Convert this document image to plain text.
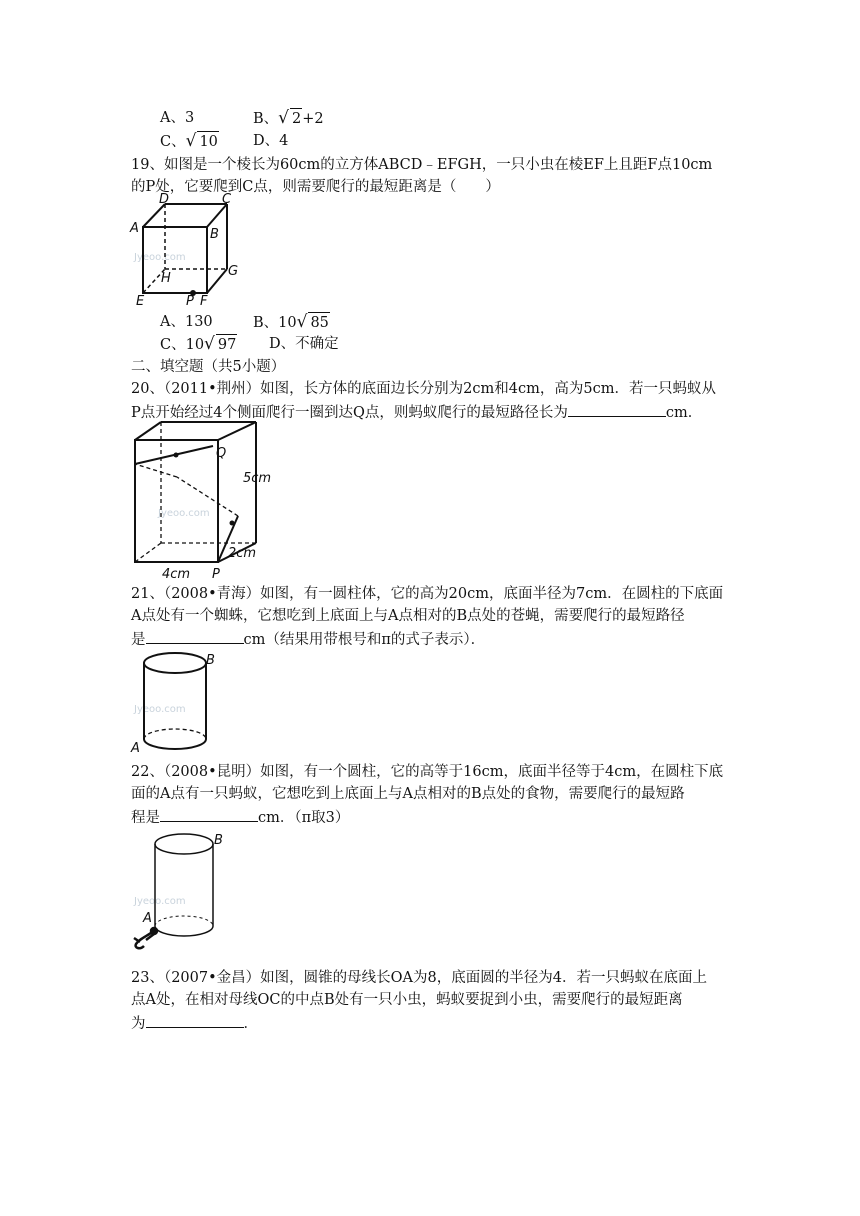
A、3	B、√ 2+2
C、√ 10 D、4
19、如图是一个棱长为60cm的立方体ABCD﹣EFGH，一只小虫在棱EF上且距F点10cm
的P处，它要爬到C点，则需要爬行的最短距离是（　　）
Jyeoo.com
D	C
A	B
G
H
E	P F
A、130	B、10√ 85
C、10√ 97 D、不确定
二、填空题（共5小题）
20、（2011•荆州）如图，长方体的底面边长分别为2cm和4cm，高为5cm．若一只蚂蚁从
P点开始经过4个侧面爬行一圈到达Q点，则蚂蚁爬行的最短路径长为	cm．
Jyeoo.com
Q
5cm
2cm
4cm P
21、（2008•青海）如图，有一圆柱体，它的高为20cm，底面半径为7cm．在圆柱的下底面
A点处有一个蜘蛛，它想吃到上底面上与A点相对的B点处的苍蝇，需要爬行的最短路径
是	cm（结果用带根号和π的式子表示）．
Jyeoo.com
B
A
22、（2008•昆明）如图，有一个圆柱，它的高等于16cm，底面半径等于4cm，在圆柱下底
面的A点有一只蚂蚁，它想吃到上底面上与A点相对的B点处的食物，需要爬行的最短路
程是	cm．（π取3）
Jyeoo.com
B
A
23、（2007•金昌）如图，圆锥的母线长OA为8，底面圆的半径为4．若一只蚂蚁在底面上
点A处，在相对母线OC的中点B处有一只小虫，蚂蚁要捉到小虫，需要爬行的最短距离
为	．
